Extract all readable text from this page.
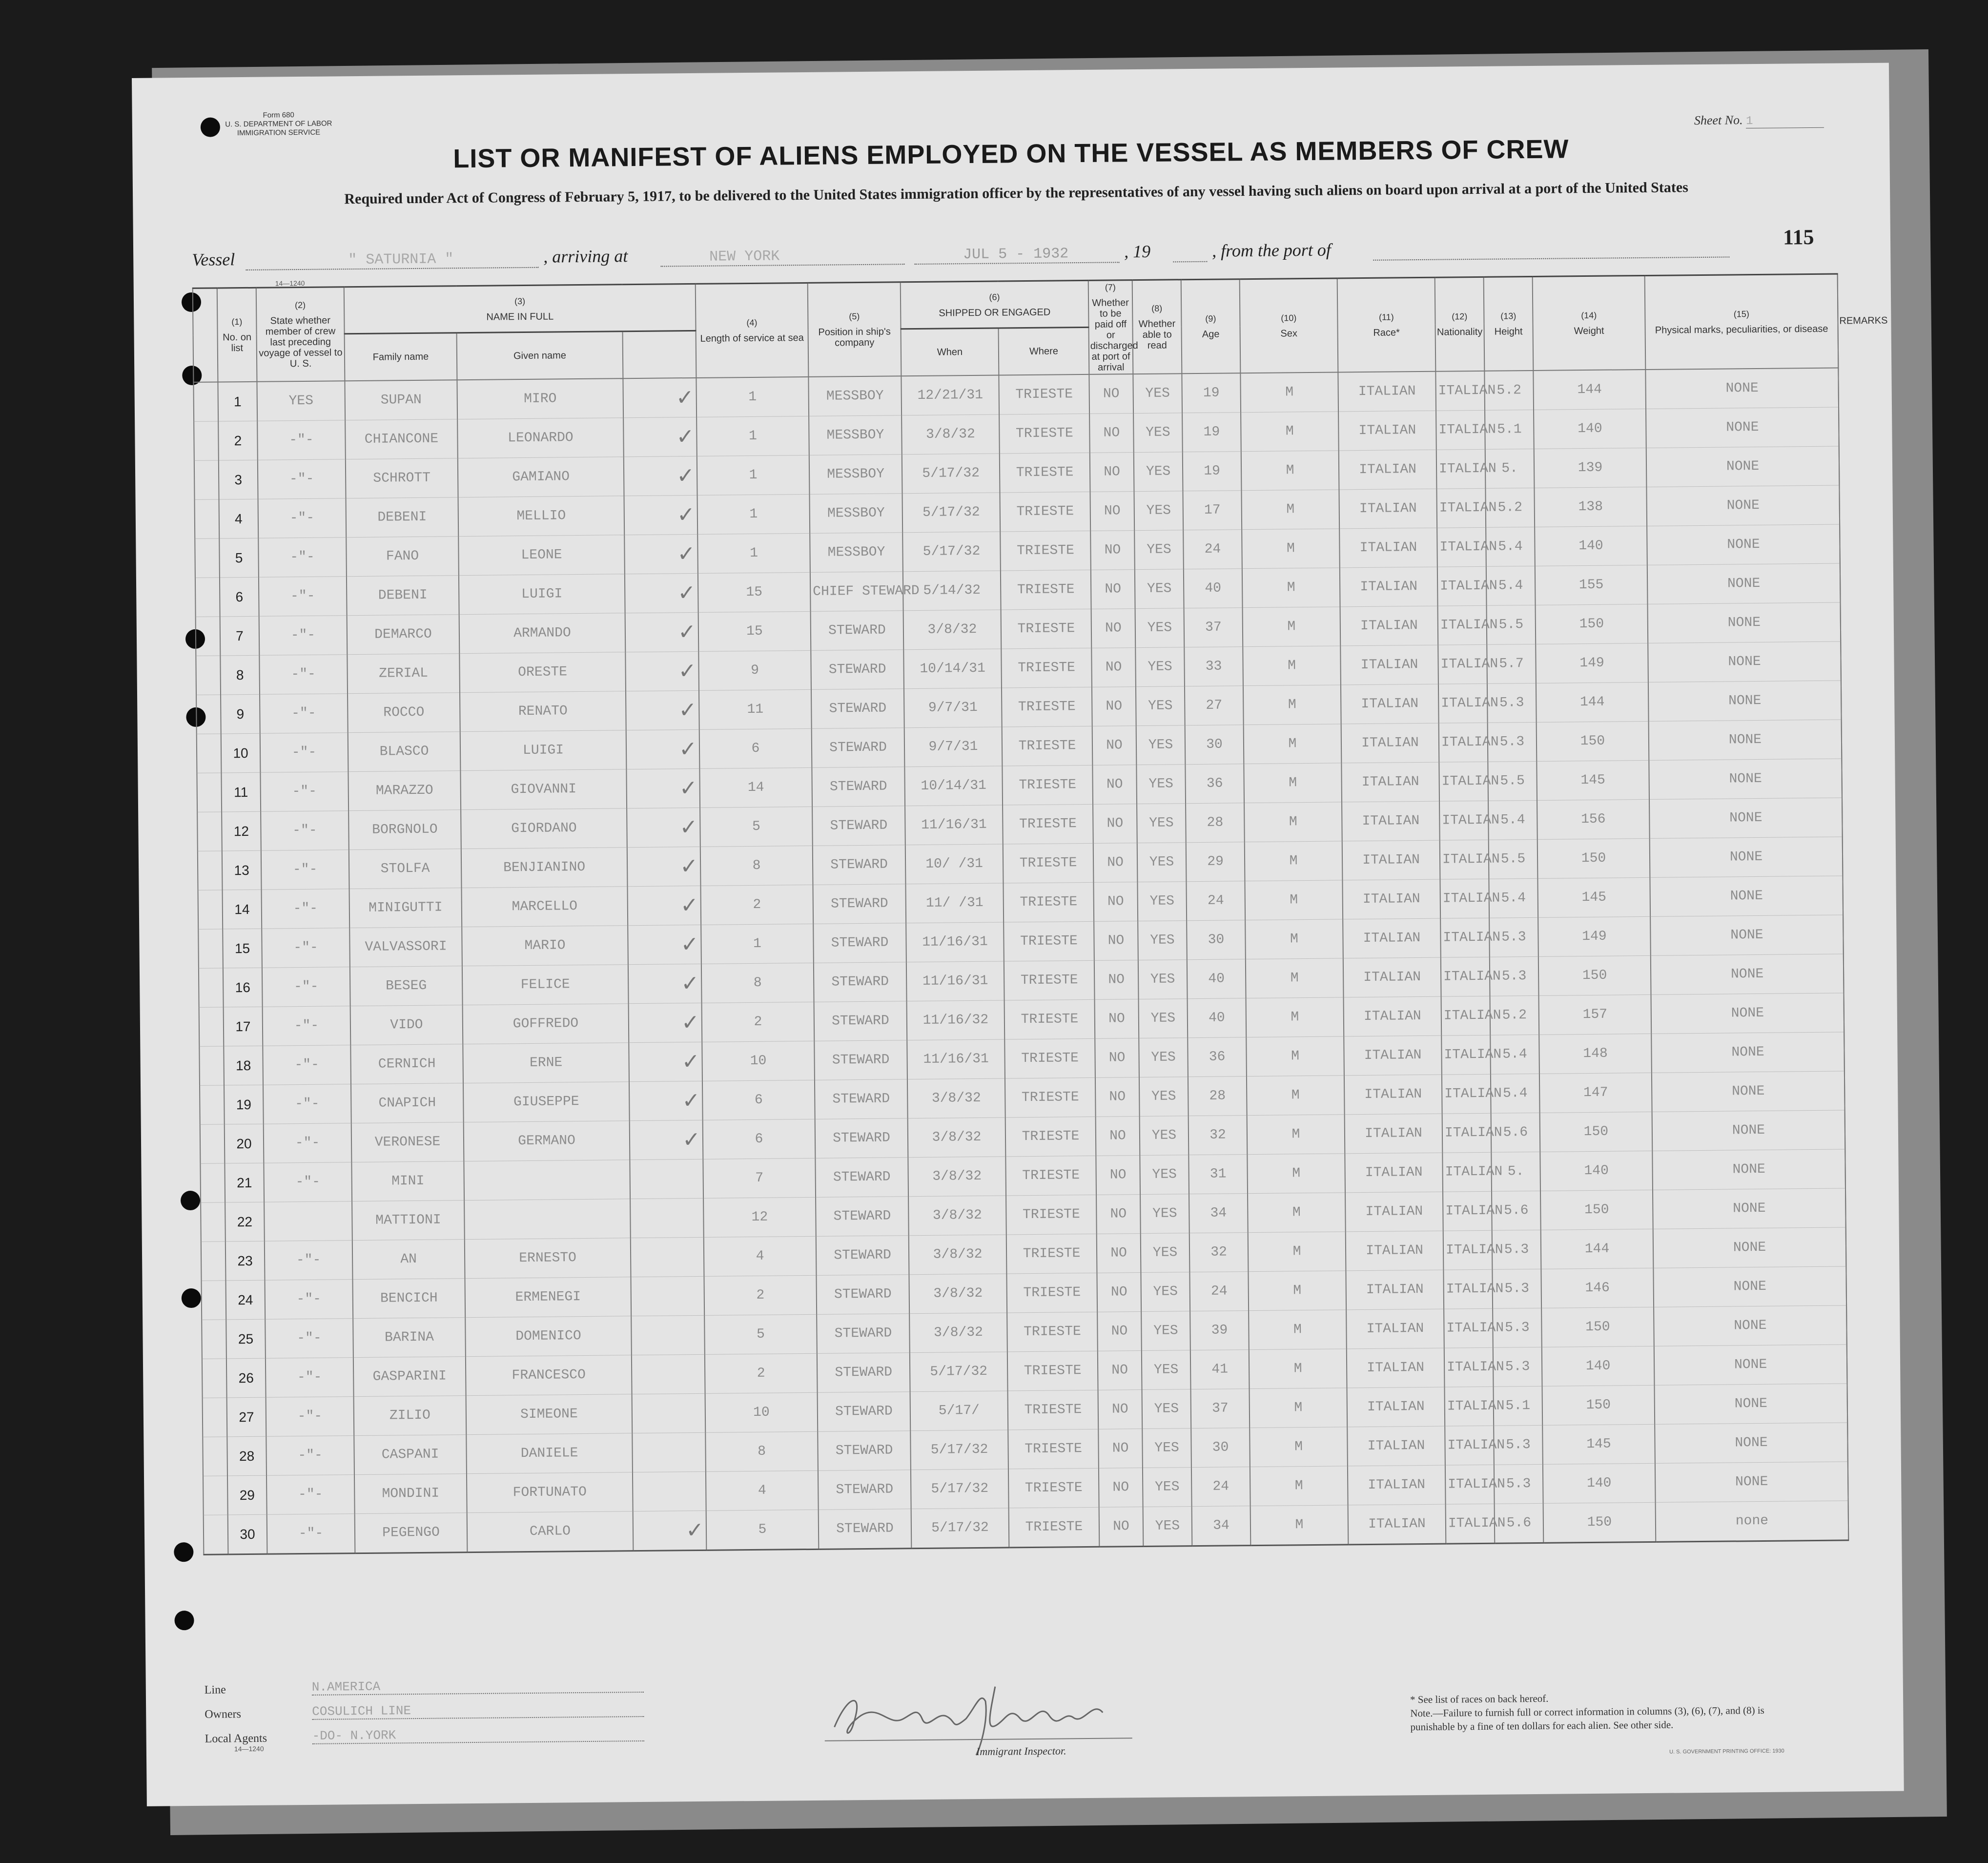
Form 680
U. S. DEPARTMENT OF LABOR
IMMIGRATION SERVICE
14—1240
Sheet No. 1
LIST OR MANIFEST OF ALIENS EMPLOYED ON THE VESSEL AS MEMBERS OF CREW
Required under Act of Congress of February 5, 1917, to be delivered to the United States immigration officer by the representatives of any vessel having such aliens on board upon arrival at a port of the United States
Vessel	" SATURNIA "	, arriving at	NEW YORK	JUL 5 - 1932	, 19	, from the port of
115

	(1)
No. on list	(2)
State whether member of crew last preceding voyage of vessel to U. S.	(3)
NAME IN FULL			(4)
Length of service at sea	(5)
Position in ship's company	(6)
SHIPPED OR ENGAGED		(7)
Whether to be paid off or discharged at port of arrival	(8)
Whether able to read	(9)
Age	(10)
Sex	(11)
Race*	(12)
Nationality	(13)
Height	(14)
Weight	(15)
Physical marks, peculiarities, or disease	REMARKS
			Family name	Given name				When	Where										
	1	YES	SUPAN	MIRO	✓	1	MESSBOY	12/21/31	TRIESTE	NO	YES	19	M	ITALIAN	ITALIAN	5.2	144	NONE	
	2	-"-	CHIANCONE	LEONARDO	✓	1	MESSBOY	3/8/32	TRIESTE	NO	YES	19	M	ITALIAN	ITALIAN	5.1	140	NONE	
	3	-"-	SCHROTT	GAMIANO	✓	1	MESSBOY	5/17/32	TRIESTE	NO	YES	19	M	ITALIAN	ITALIAN	5.	139	NONE	
	4	-"-	DEBENI	MELLIO	✓	1	MESSBOY	5/17/32	TRIESTE	NO	YES	17	M	ITALIAN	ITALIAN	5.2	138	NONE	
	5	-"-	FANO	LEONE	✓	1	MESSBOY	5/17/32	TRIESTE	NO	YES	24	M	ITALIAN	ITALIAN	5.4	140	NONE	
	6	-"-	DEBENI	LUIGI	✓	15	CHIEF STEWARD	5/14/32	TRIESTE	NO	YES	40	M	ITALIAN	ITALIAN	5.4	155	NONE	
	7	-"-	DEMARCO	ARMANDO	✓	15	STEWARD	3/8/32	TRIESTE	NO	YES	37	M	ITALIAN	ITALIAN	5.5	150	NONE	
	8	-"-	ZERIAL	ORESTE	✓	9	STEWARD	10/14/31	TRIESTE	NO	YES	33	M	ITALIAN	ITALIAN	5.7	149	NONE	
	9	-"-	ROCCO	RENATO	✓	11	STEWARD	9/7/31	TRIESTE	NO	YES	27	M	ITALIAN	ITALIAN	5.3	144	NONE	
	10	-"-	BLASCO	LUIGI	✓	6	STEWARD	9/7/31	TRIESTE	NO	YES	30	M	ITALIAN	ITALIAN	5.3	150	NONE	
	11	-"-	MARAZZO	GIOVANNI	✓	14	STEWARD	10/14/31	TRIESTE	NO	YES	36	M	ITALIAN	ITALIAN	5.5	145	NONE	
	12	-"-	BORGNOLO	GIORDANO	✓	5	STEWARD	11/16/31	TRIESTE	NO	YES	28	M	ITALIAN	ITALIAN	5.4	156	NONE	
	13	-"-	STOLFA	BENJIANINO	✓	8	STEWARD	10/ /31	TRIESTE	NO	YES	29	M	ITALIAN	ITALIAN	5.5	150	NONE	
	14	-"-	MINIGUTTI	MARCELLO	✓	2	STEWARD	11/ /31	TRIESTE	NO	YES	24	M	ITALIAN	ITALIAN	5.4	145	NONE	
	15	-"-	VALVASSORI	MARIO	✓	1	STEWARD	11/16/31	TRIESTE	NO	YES	30	M	ITALIAN	ITALIAN	5.3	149	NONE	
	16	-"-	BESEG	FELICE	✓	8	STEWARD	11/16/31	TRIESTE	NO	YES	40	M	ITALIAN	ITALIAN	5.3	150	NONE	
	17	-"-	VIDO	GOFFREDO	✓	2	STEWARD	11/16/32	TRIESTE	NO	YES	40	M	ITALIAN	ITALIAN	5.2	157	NONE	
	18	-"-	CERNICH	ERNE	✓	10	STEWARD	11/16/31	TRIESTE	NO	YES	36	M	ITALIAN	ITALIAN	5.4	148	NONE	
	19	-"-	CNAPICH	GIUSEPPE	✓	6	STEWARD	3/8/32	TRIESTE	NO	YES	28	M	ITALIAN	ITALIAN	5.4	147	NONE	
	20	-"-	VERONESE	GERMANO	✓	6	STEWARD	3/8/32	TRIESTE	NO	YES	32	M	ITALIAN	ITALIAN	5.6	150	NONE	
	21	-"-	MINI			7	STEWARD	3/8/32	TRIESTE	NO	YES	31	M	ITALIAN	ITALIAN	5.	140	NONE	
	22		MATTIONI			12	STEWARD	3/8/32	TRIESTE	NO	YES	34	M	ITALIAN	ITALIAN	5.6	150	NONE	
	23	-"-	AN	ERNESTO		4	STEWARD	3/8/32	TRIESTE	NO	YES	32	M	ITALIAN	ITALIAN	5.3	144	NONE	
	24	-"-	BENCICH	ERMENEGI		2	STEWARD	3/8/32	TRIESTE	NO	YES	24	M	ITALIAN	ITALIAN	5.3	146	NONE	
	25	-"-	BARINA	DOMENICO		5	STEWARD	3/8/32	TRIESTE	NO	YES	39	M	ITALIAN	ITALIAN	5.3	150	NONE	
	26	-"-	GASPARINI	FRANCESCO		2	STEWARD	5/17/32	TRIESTE	NO	YES	41	M	ITALIAN	ITALIAN	5.3	140	NONE	
	27	-"-	ZILIO	SIMEONE		10	STEWARD	5/17/	TRIESTE	NO	YES	37	M	ITALIAN	ITALIAN	5.1	150	NONE	
	28	-"-	CASPANI	DANIELE		8	STEWARD	5/17/32	TRIESTE	NO	YES	30	M	ITALIAN	ITALIAN	5.3	145	NONE	
	29	-"-	MONDINI	FORTUNATO		4	STEWARD	5/17/32	TRIESTE	NO	YES	24	M	ITALIAN	ITALIAN	5.3	140	NONE	
	30	-"-	PEGENGO	CARLO	✓	5	STEWARD	5/17/32	TRIESTE	NO	YES	34	M	ITALIAN	ITALIAN	5.6	150	none	
Line	N.AMERICA
Owners	COSULICH LINE
Local Agents	-DO- N.YORK
14—1240	Immigrant Inspector.
* See list of races on back hereof.
Note.—Failure to furnish full or correct information in columns (3), (6), (7), and (8) is punishable by a fine of ten dollars for each alien. See other side.
U. S. GOVERNMENT PRINTING OFFICE: 1930
